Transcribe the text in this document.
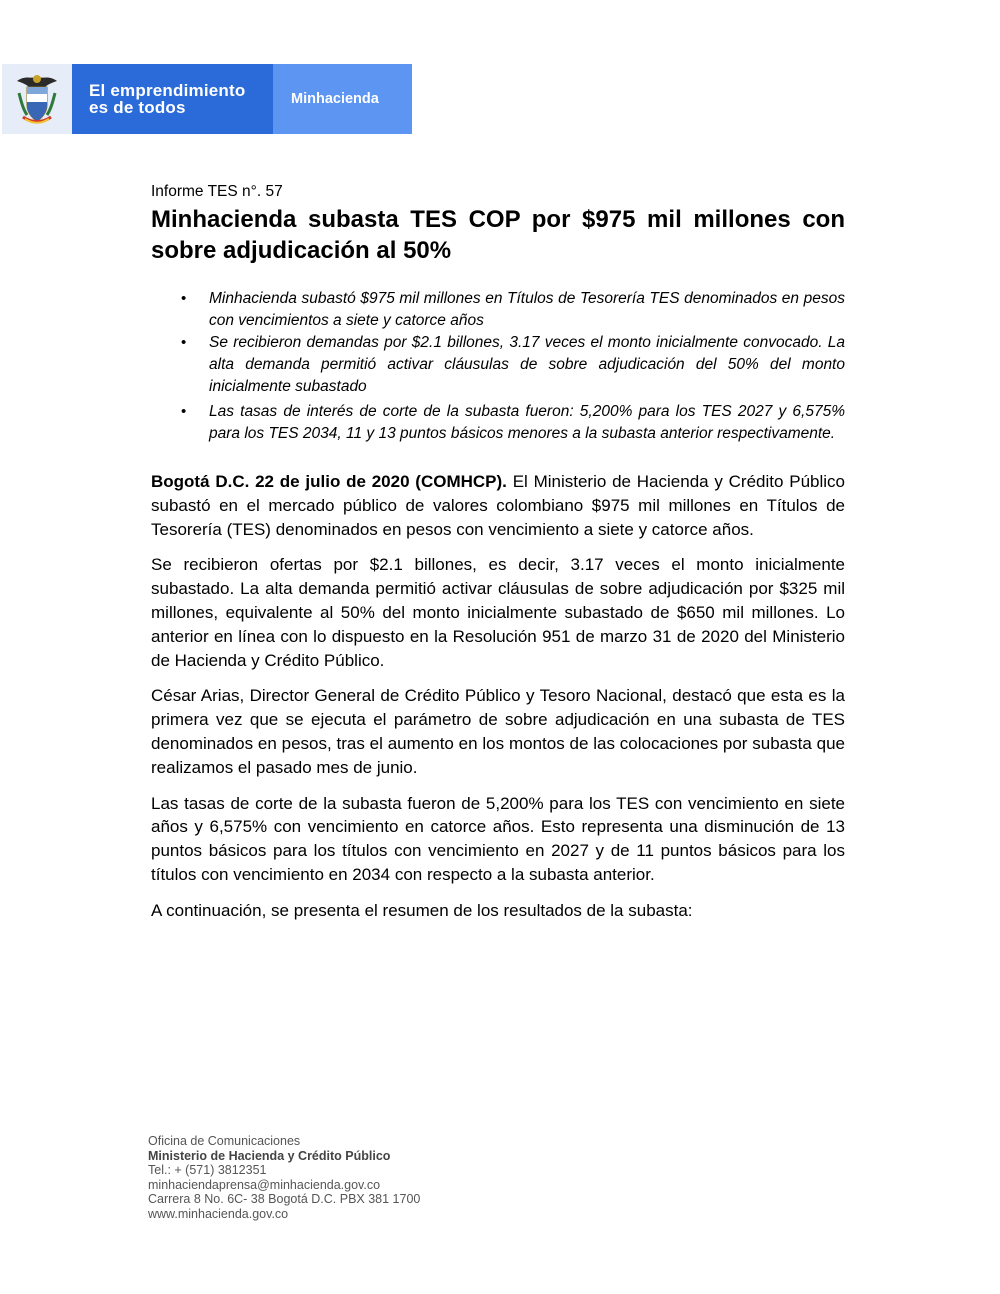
El emprendimiento
es de todos	Minhacienda

Informe TES n°. 57

Minhacienda subasta TES COP por $975 mil millones con sobre adjudicación al 50%
• Minhacienda subastó $975 mil millones en Títulos de Tesorería TES denominados en pesos con vencimientos a siete y catorce años
• Se recibieron demandas por $2.1 billones, 3.17 veces el monto inicialmente convocado. La alta demanda permitió activar cláusulas de sobre adjudicación del 50% del monto inicialmente subastado
• Las tasas de interés de corte de la subasta fueron: 5,200% para los TES 2027 y 6,575% para los TES 2034, 11 y 13 puntos básicos menores a la subasta anterior respectivamente.

Bogotá D.C. 22 de julio de 2020 (COMHCP). El Ministerio de Hacienda y Crédito Público subastó en el mercado público de valores colombiano $975 mil millones en Títulos de Tesorería (TES) denominados en pesos con vencimiento a siete y catorce años.

Se recibieron ofertas por $2.1 billones, es decir, 3.17 veces el monto inicialmente subastado. La alta demanda permitió activar cláusulas de sobre adjudicación por $325 mil millones, equivalente al 50% del monto inicialmente subastado de $650 mil millones. Lo anterior en línea con lo dispuesto en la Resolución 951 de marzo 31 de 2020 del Ministerio de Hacienda y Crédito Público.

César Arias, Director General de Crédito Público y Tesoro Nacional, destacó que esta es la primera vez que se ejecuta el parámetro de sobre adjudicación en una subasta de TES denominados en pesos, tras el aumento en los montos de las colocaciones por subasta que realizamos el pasado mes de junio.

Las tasas de corte de la subasta fueron de 5,200% para los TES con vencimiento en siete años y 6,575% con vencimiento en catorce años. Esto representa una disminución de 13 puntos básicos para los títulos con vencimiento en 2027 y de 11 puntos básicos para los títulos con vencimiento en 2034 con respecto a la subasta anterior.

A continuación, se presenta el resumen de los resultados de la subasta:

Oficina de Comunicaciones
Ministerio de Hacienda y Crédito Público
Tel.: + (571) 3812351
minhaciendaprensa@minhacienda.gov.co
Carrera 8 No. 6C- 38 Bogotá D.C. PBX 381 1700
www.minhacienda.gov.co
